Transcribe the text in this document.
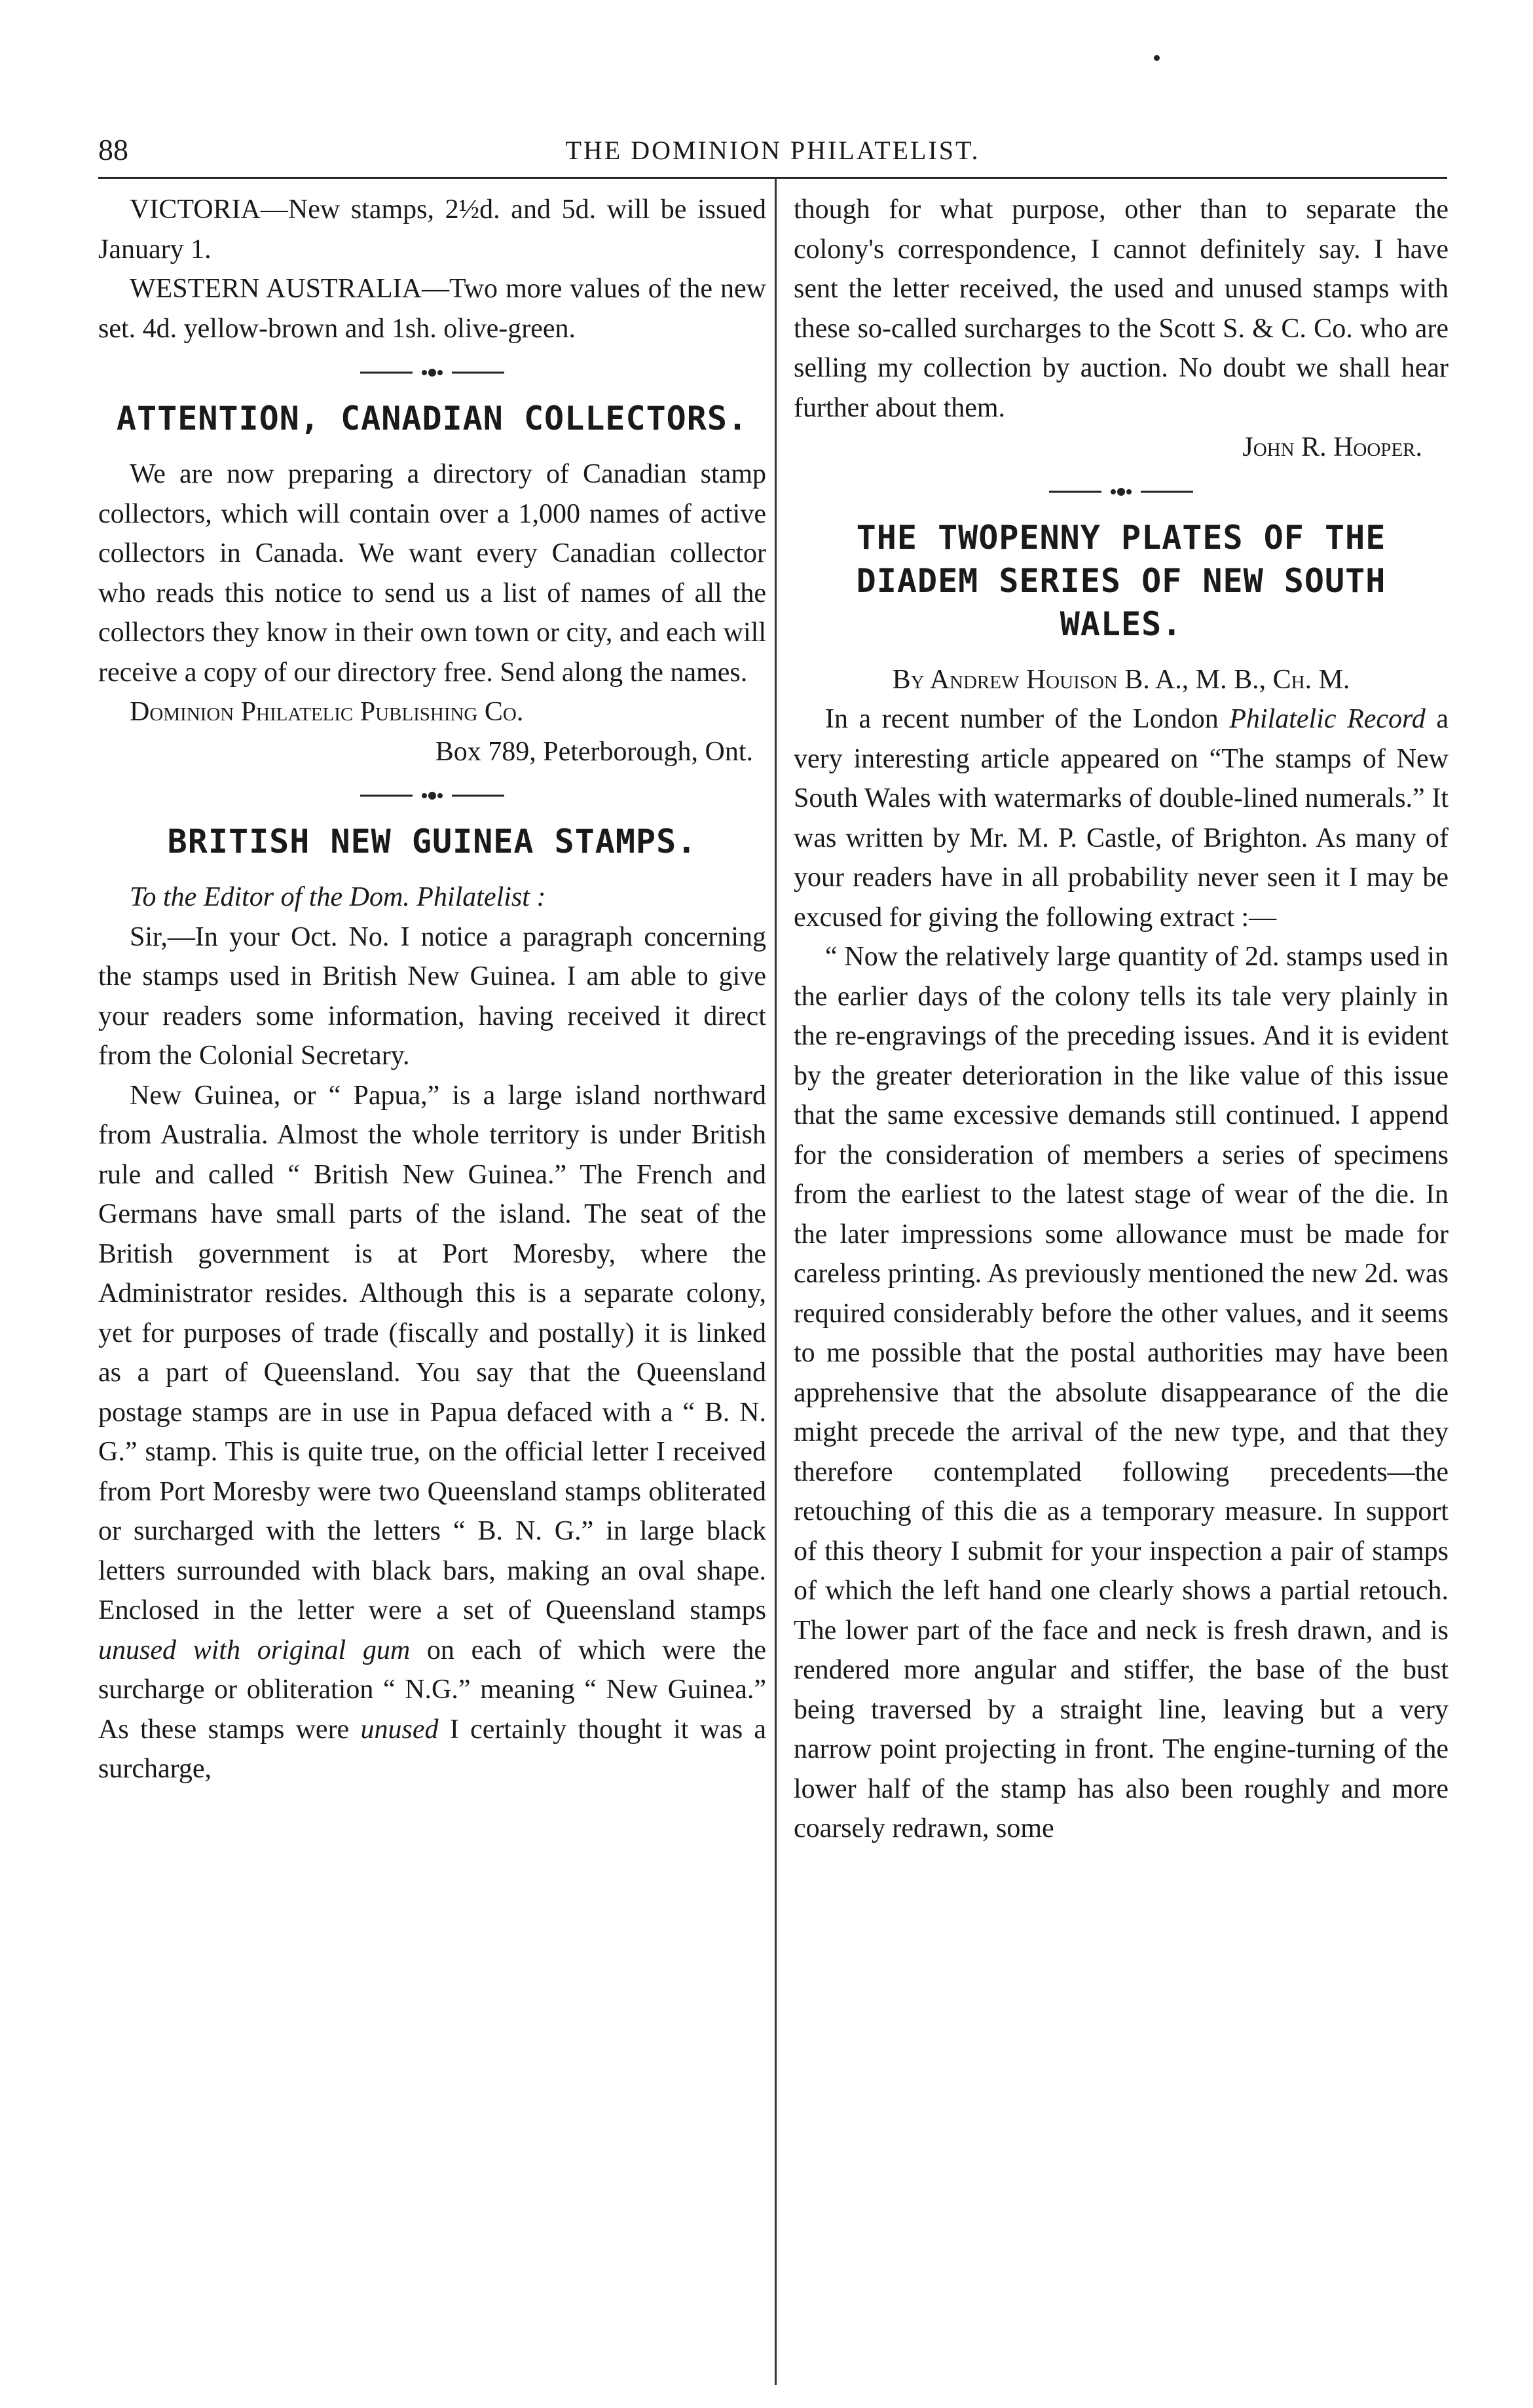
88	THE DOMINION PHILATELIST.

VICTORIA—New stamps, 2½d. and 5d. will be issued January 1.

WESTERN AUSTRALIA—Two more values of the new set. 4d. yellow-brown and 1sh. olive-green.

ATTENTION, CANADIAN COLLECTORS.

We are now preparing a directory of Canadian stamp collectors, which will contain over a 1,000 names of active collectors in Canada. We want every Canadian collector who reads this notice to send us a list of names of all the collectors they know in their own town or city, and each will receive a copy of our directory free. Send along the names.

Dominion Philatelic Publishing Co.

Box 789, Peterborough, Ont.

BRITISH NEW GUINEA STAMPS.

To the Editor of the Dom. Philatelist :

Sir,—In your Oct. No. I notice a paragraph concerning the stamps used in British New Guinea. I am able to give your readers some information, having received it direct from the Colonial Secretary.

New Guinea, or “ Papua,” is a large island northward from Australia. Almost the whole territory is under British rule and called “ British New Guinea.” The French and Germans have small parts of the island. The seat of the British government is at Port Moresby, where the Administrator resides. Although this is a separate colony, yet for purposes of trade (fiscally and postally) it is linked as a part of Queensland. You say that the Queensland postage stamps are in use in Papua defaced with a “ B. N. G.” stamp. This is quite true, on the official letter I received from Port Moresby were two Queensland stamps obliterated or surcharged with the letters “ B. N. G.” in large black letters surrounded with black bars, making an oval shape. Enclosed in the letter were a set of Queensland stamps unused with original gum on each of which were the surcharge or obliteration “ N.G.” meaning “ New Guinea.” As these stamps were unused I certainly thought it was a surcharge,

though for what purpose, other than to separate the colony's correspondence, I cannot definitely say. I have sent the letter received, the used and unused stamps with these so-called surcharges to the Scott S. & C. Co. who are selling my collection by auction. No doubt we shall hear further about them.

John R. Hooper.

THE TWOPENNY PLATES OF THE DIADEM SERIES OF NEW SOUTH WALES.

By Andrew Houison B. A., M. B., Ch. M.

In a recent number of the London Philatelic Record a very interesting article appeared on “The stamps of New South Wales with watermarks of double-lined numerals.” It was written by Mr. M. P. Castle, of Brighton. As many of your readers have in all probability never seen it I may be excused for giving the following extract :—

“ Now the relatively large quantity of 2d. stamps used in the earlier days of the colony tells its tale very plainly in the re-engravings of the preceding issues. And it is evident by the greater deterioration in the like value of this issue that the same excessive demands still continued. I append for the consideration of members a series of specimens from the earliest to the latest stage of wear of the die. In the later impressions some allowance must be made for careless printing. As previously mentioned the new 2d. was required considerably before the other values, and it seems to me possible that the postal authorities may have been apprehensive that the absolute disappearance of the die might precede the arrival of the new type, and that they therefore contemplated following precedents—the retouching of this die as a temporary measure. In support of this theory I submit for your inspection a pair of stamps of which the left hand one clearly shows a partial retouch. The lower part of the face and neck is fresh drawn, and is rendered more angular and stiffer, the base of the bust being traversed by a straight line, leaving but a very narrow point projecting in front. The engine-turning of the lower half of the stamp has also been roughly and more coarsely redrawn, some
